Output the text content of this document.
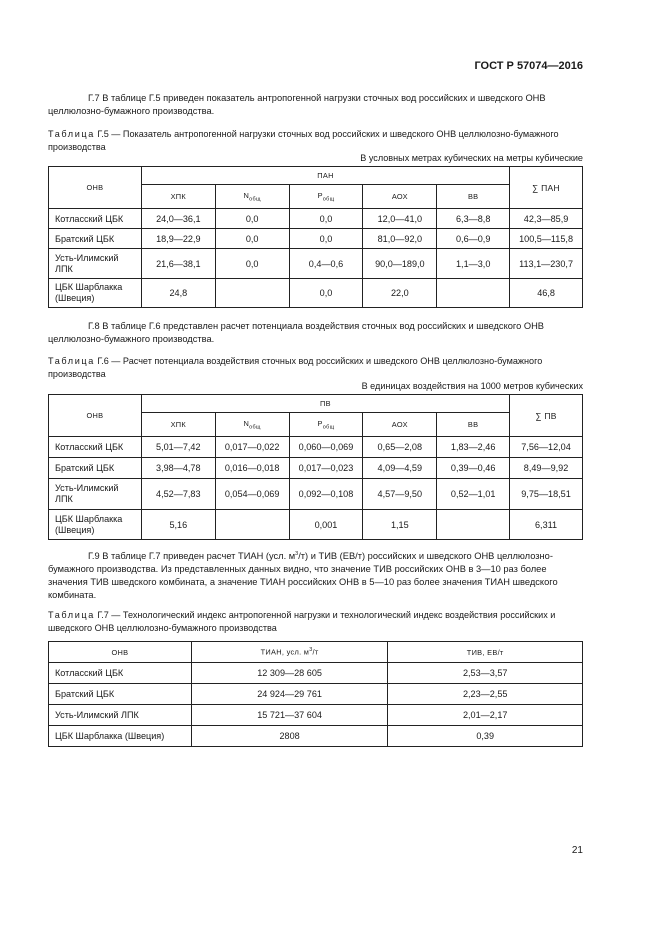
ГОСТ Р 57074—2016

Г.7 В таблице Г.5 приведен показатель антропогенной нагрузки сточных вод российских и шведского ОНВ целлюлозно-бумажного производства.

Таблица Г.5 — Показатель антропогенной нагрузки сточных вод российских и шведского ОНВ целлюлозно-бумажного производства

В условных метрах кубических на метры кубические
ОНВ	ПАН					∑ ПАН
	ХПК	$N_{общ}$	$P_{общ}$	АОХ	ВВ	
Котласский ЦБК	24,0—36,1	0,0	0,0	12,0—41,0	6,3—8,8	42,3—85,9
Братский ЦБК	18,9—22,9	0,0	0,0	81,0—92,0	0,6—0,9	100,5—115,8
Усть-Илимский ЛПК	21,6—38,1	0,0	0,4—0,6	90,0—189,0	1,1—3,0	113,1—230,7
ЦБК Шарблакка (Швеция)	24,8		0,0	22,0		46,8

Г.8 В таблице Г.6 представлен расчет потенциала воздействия сточных вод российских и шведского ОНВ целлюлозно-бумажного производства.

Таблица Г.6 — Расчет потенциала воздействия сточных вод российских и шведского ОНВ целлюлозно-бумажного производства

В единицах воздействия на 1000 метров кубических
ОНВ	ПВ					∑ ПВ
	ХПК	$N_{общ}$	$P_{общ}$	АОХ	ВВ	
Котласский ЦБК	5,01—7,42	0,017—0,022	0,060—0,069	0,65—2,08	1,83—2,46	7,56—12,04
Братский ЦБК	3,98—4,78	0,016—0,018	0,017—0,023	4,09—4,59	0,39—0,46	8,49—9,92
Усть-Илимский ЛПК	4,52—7,83	0,054—0,069	0,092—0,108	4,57—9,50	0,52—1,01	9,75—18,51
ЦБК Шарблакка (Швеция)	5,16		0,001	1,15		6,311

Г.9 В таблице Г.7 приведен расчет ТИАН (усл. $м^3/т$) и ТИВ (ЕВ/т) российских и шведского ОНВ целлюлозно-бумажного производства. Из представленных данных видно, что значение ТИВ российских ОНВ в 3—10 раз более значения ТИВ шведского комбината, а значение ТИАН российских ОНВ в 5—10 раз более значения ТИАН шведского комбината.

Таблица Г.7 — Технологический индекс антропогенной нагрузки и технологический индекс воздействия российских и шведского ОНВ целлюлозно-бумажного производства

ОНВ	ТИАН, усл. $м^3/т$	ТИВ, ЕВ/т
Котласский ЦБК	12 309—28 605	2,53—3,57
Братский ЦБК	24 924—29 761	2,23—2,55
Усть-Илимский ЛПК	15 721—37 604	2,01—2,17
ЦБК Шарблакка (Швеция)	2808	0,39
21
